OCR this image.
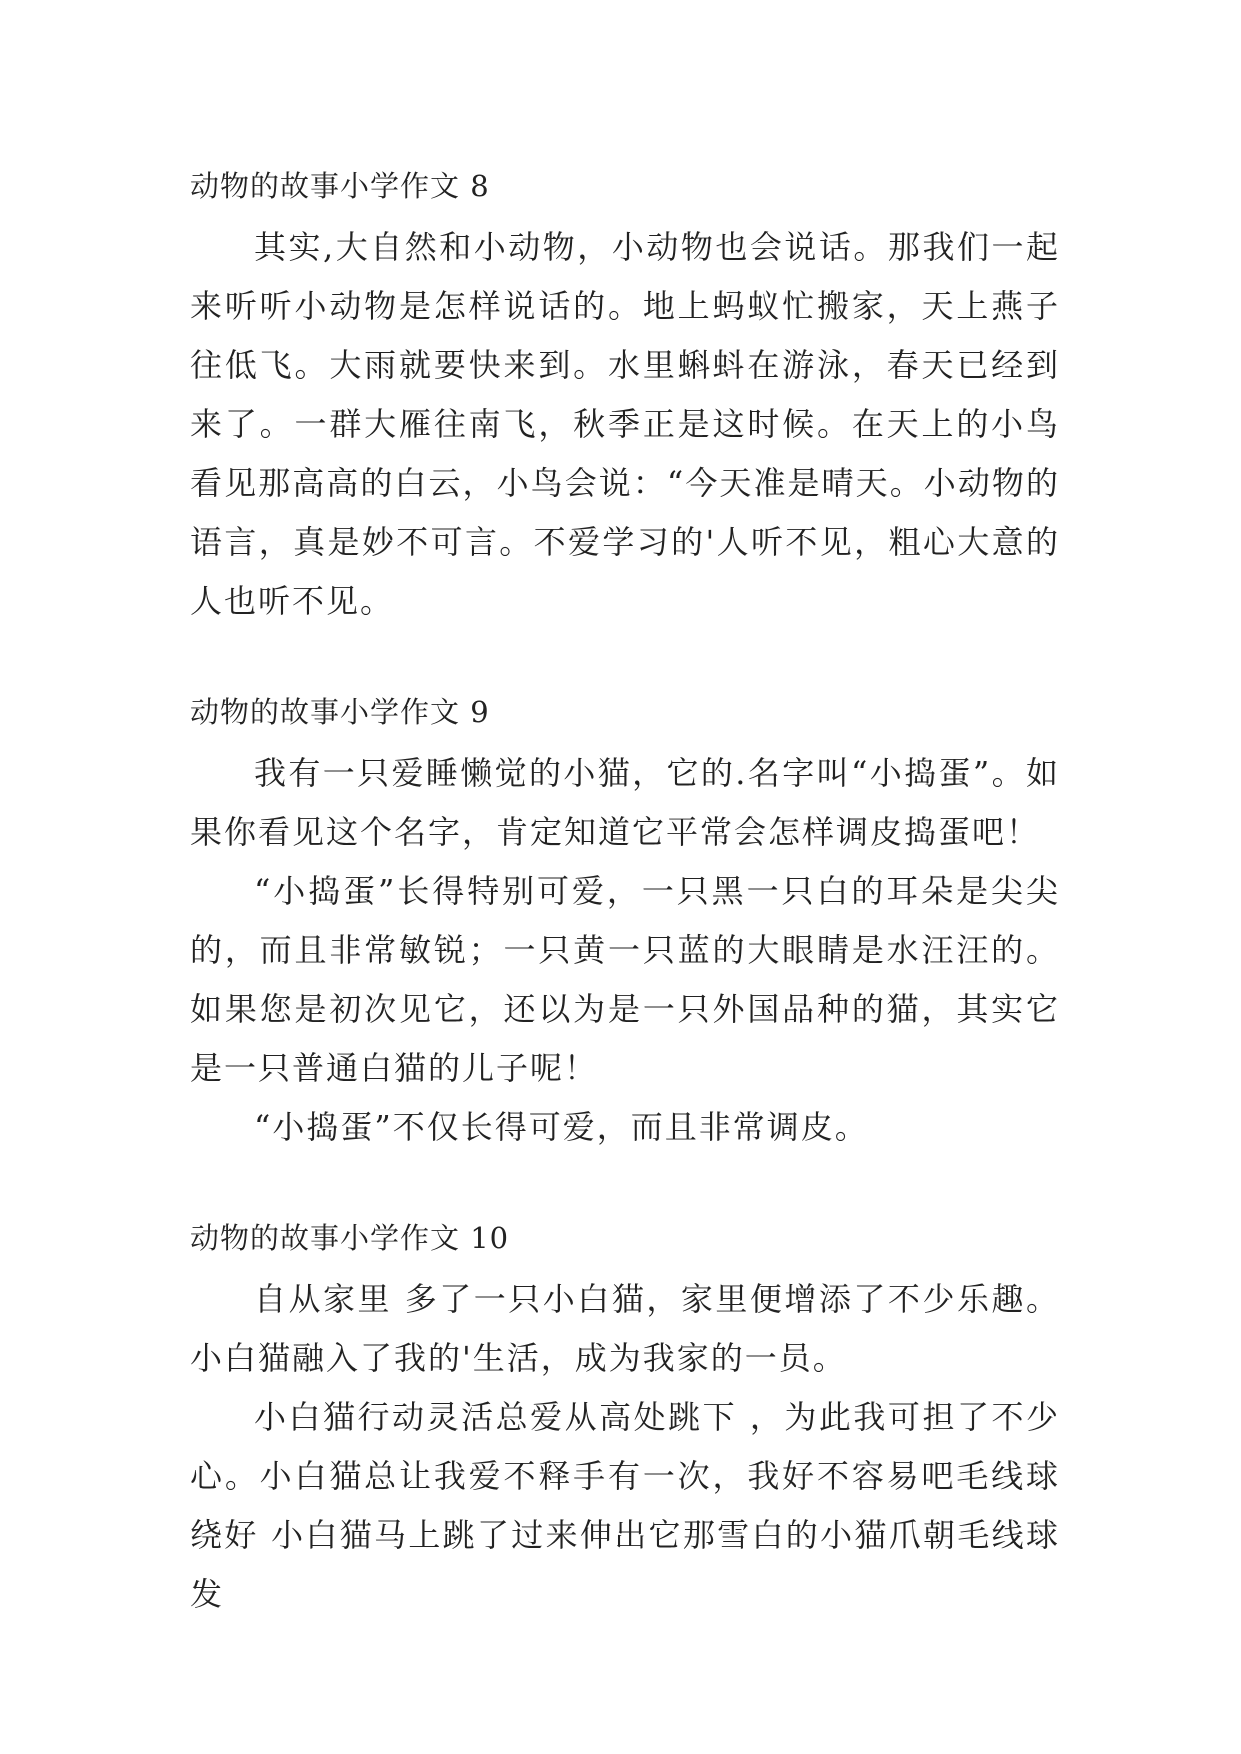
动物的故事小学作文 8

其实,大自然和小动物，小动物也会说话。那我们一起来听听小动物是怎样说话的。地上蚂蚁忙搬家，天上燕子往低飞。大雨就要快来到。水里蝌蚪在游泳，春天已经到来了。一群大雁往南飞，秋季正是这时候。在天上的小鸟看见那高高的白云，小鸟会说：“今天准是晴天。小动物的语言，真是妙不可言。不爱学习的'人听不见，粗心大意的人也听不见。

动物的故事小学作文 9

我有一只爱睡懒觉的小猫，它的.名字叫“小捣蛋”。如果你看见这个名字，肯定知道它平常会怎样调皮捣蛋吧！

“小捣蛋”长得特别可爱，一只黑一只白的耳朵是尖尖的，而且非常敏锐；一只黄一只蓝的大眼睛是水汪汪的。如果您是初次见它，还以为是一只外国品种的猫，其实它是一只普通白猫的儿子呢！

“小捣蛋”不仅长得可爱，而且非常调皮。

动物的故事小学作文 10

自从家里 多了一只小白猫，家里便增添了不少乐趣。小白猫融入了我的'生活，成为我家的一员。

小白猫行动灵活总爱从高处跳下 ，为此我可担了不少心。小白猫总让我爱不释手有一次，我好不容易吧毛线球绕好 小白猫马上跳了过来伸出它那雪白的小猫爪朝毛线球发
